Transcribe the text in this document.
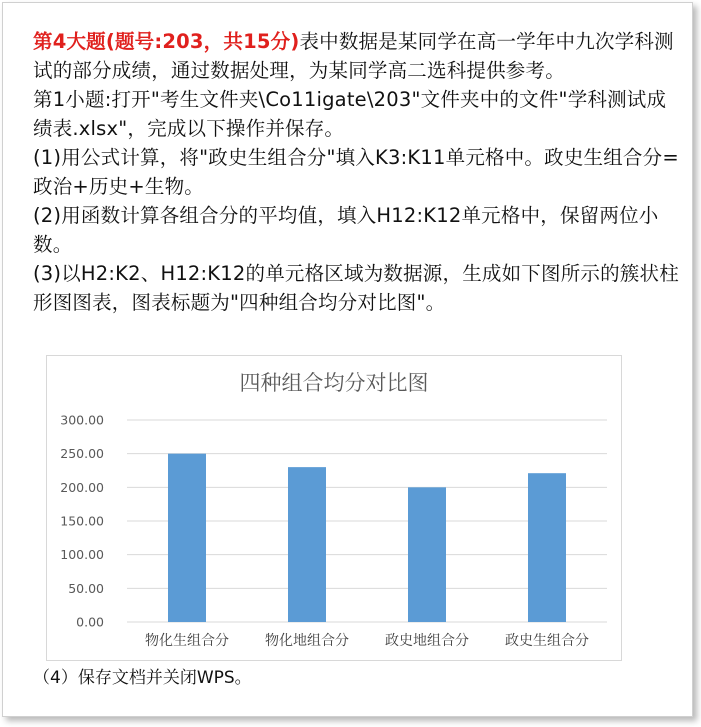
第4大题(题号:203，共15分)表中数据是某同学在高一学年中九次学科测试的部分成绩，通过数据处理，为某同学高二选科提供参考。

第1小题:打开"考生文件夹\Co11igate\203"文件夹中的文件"学科测试成绩表.xlsx"，完成以下操作并保存。

(1)用公式计算，将"政史生组合分"填入K3:K11单元格中。政史生组合分=政治+历史+生物。

(2)用函数计算各组合分的平均值，填入H12:K12单元格中，保留两位小数。

(3)以H2:K2、H12:K12的单元格区域为数据源，生成如下图所示的簇状柱形图图表，图表标题为"四种组合均分对比图"。

四种组合均分对比图
0.00
50.00
100.00
150.00
200.00
250.00
300.00
物化生组合分	物化地组合分	政史地组合分	政史生组合分

（4）保存文档并关闭WPS。
